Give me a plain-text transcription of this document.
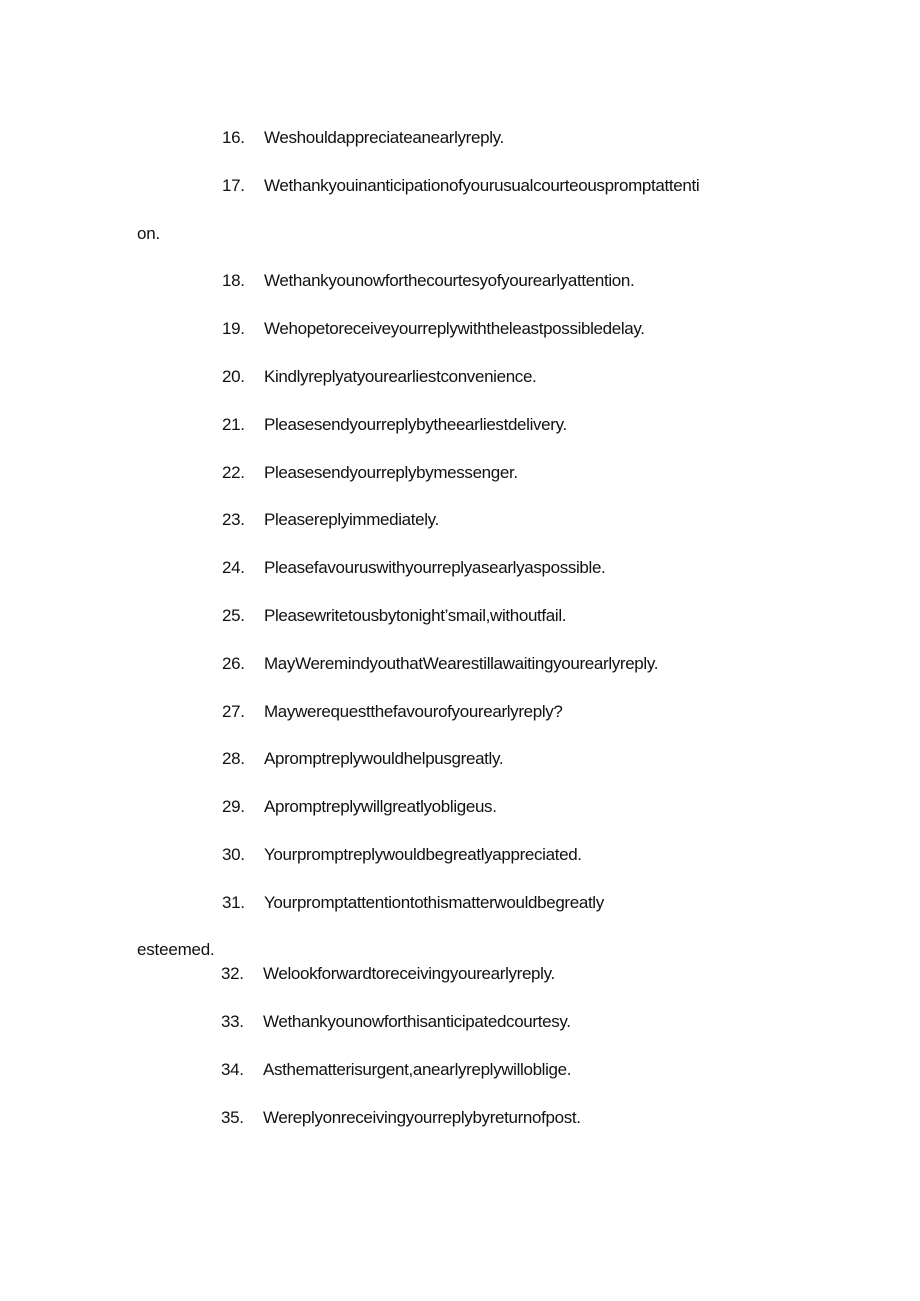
16. Weshouldappreciateanearlyreply.
17. Wethankyouinanticipationofyourusualcourteouspromptattenti
on.
18. Wethankyounowforthecourtesyofyourearlyattention.
19. Wehopetoreceiveyourreplywiththeleastpossibledelay.
20. Kindlyreplyatyourearliestconvenience.
21. Pleasesendyourreplybytheearliestdelivery.
22. Pleasesendyourreplybymessenger.
23. Pleasereplyimmediately.
24. Pleasefavouruswithyourreplyasearlyaspossible.
25. Pleasewritetousbytonight’smail,withoutfail.
26. MayWeremindyouthatWearestillawaitingyourearlyreply.
27. Maywerequestthefavourofyourearlyreply?
28. Apromptreplywouldhelpusgreatly.
29. Apromptreplywillgreatlyobligeus.
30. Yourpromptreplywouldbegreatlyappreciated.
31. Yourpromptattentiontothismatterwouldbegreatly
esteemed.
32. Welookforwardtoreceivingyourearlyreply.
33. Wethankyounowforthisanticipatedcourtesy.
34. Asthematterisurgent,anearlyreplywilloblige.
35. Wereplyonreceivingyourreplybyreturnofpost.
